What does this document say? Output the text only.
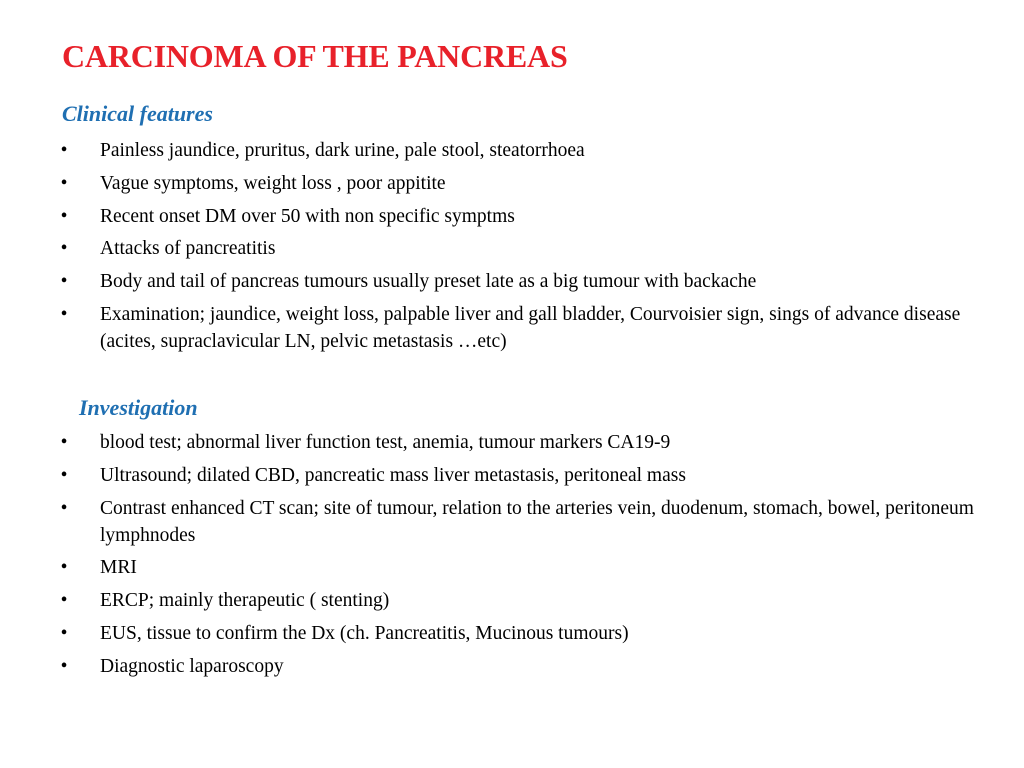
CARCINOMA OF THE PANCREAS
Clinical features
• Painless jaundice, pruritus, dark urine, pale stool, steatorrhoea
• Vague symptoms, weight loss , poor appitite
• Recent onset DM over 50 with non specific symptms
• Attacks of pancreatitis
• Body and tail of pancreas tumours usually preset late as a big tumour with backache
• Examination; jaundice, weight loss, palpable liver and gall bladder, Courvoisier sign, sings of advance disease (acites, supraclavicular LN, pelvic metastasis …etc)
Investigation
• blood test; abnormal liver function test, anemia, tumour markers CA19-9
• Ultrasound; dilated CBD, pancreatic mass liver metastasis, peritoneal mass
• Contrast enhanced CT scan; site of tumour, relation to the arteries vein, duodenum, stomach, bowel, peritoneum lymphnodes
• MRI
• ERCP; mainly therapeutic ( stenting)
• EUS, tissue to confirm the Dx (ch. Pancreatitis, Mucinous tumours)
• Diagnostic laparoscopy
